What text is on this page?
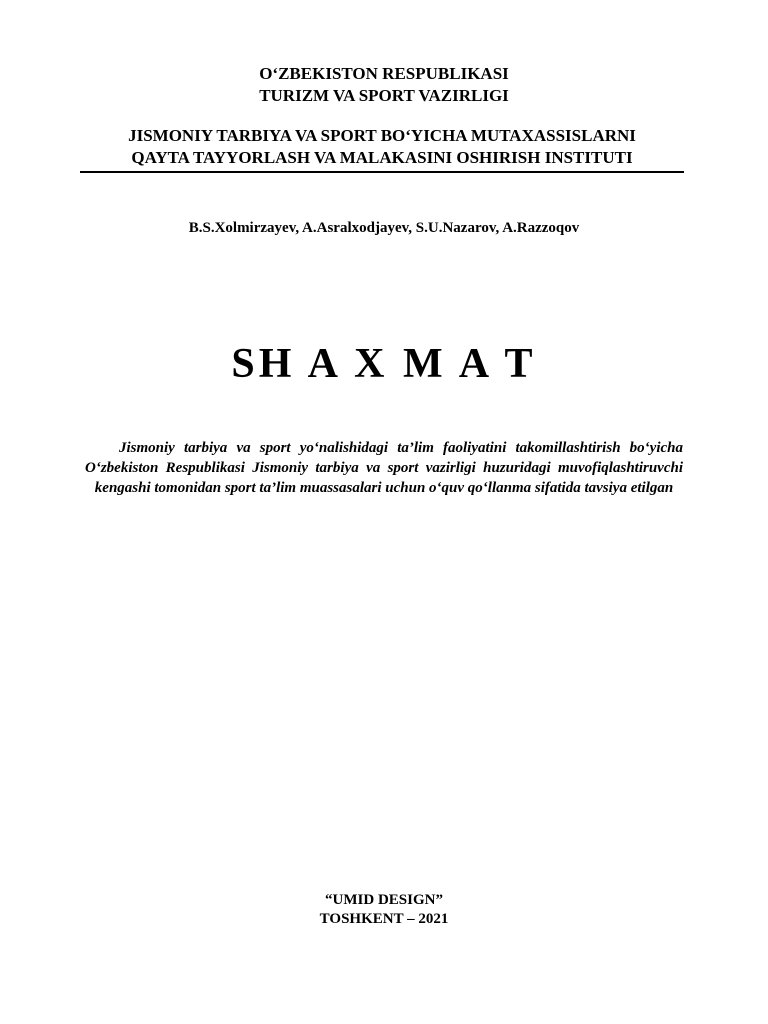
O‘ZBEKISTON RESPUBLIKASI
TURIZM VA SPORT VAZIRLIGI
JISMONIY TARBIYA VA SPORT BO‘YICHA MUTAXASSISLARNI
QAYTA TAYYORLASH VA MALAKASINI OSHIRISH INSTITUTI
B.S.Xolmirzayev, A.Asralxodjayev, S.U.Nazarov, A.Razzoqov
SH A X M A T
Jismoniy tarbiya va sport yo‘nalishidagi ta’lim faoliyatini takomillashtirish bo‘yicha O‘zbekiston Respublikasi Jismoniy tarbiya va sport vazirligi huzuridagi muvofiqlashtiruvchi kengashi tomonidan sport ta’lim muassasalari uchun o‘quv qo‘llanma sifatida tavsiya etilgan
“UMID DESIGN”
TOSHKENT – 2021
